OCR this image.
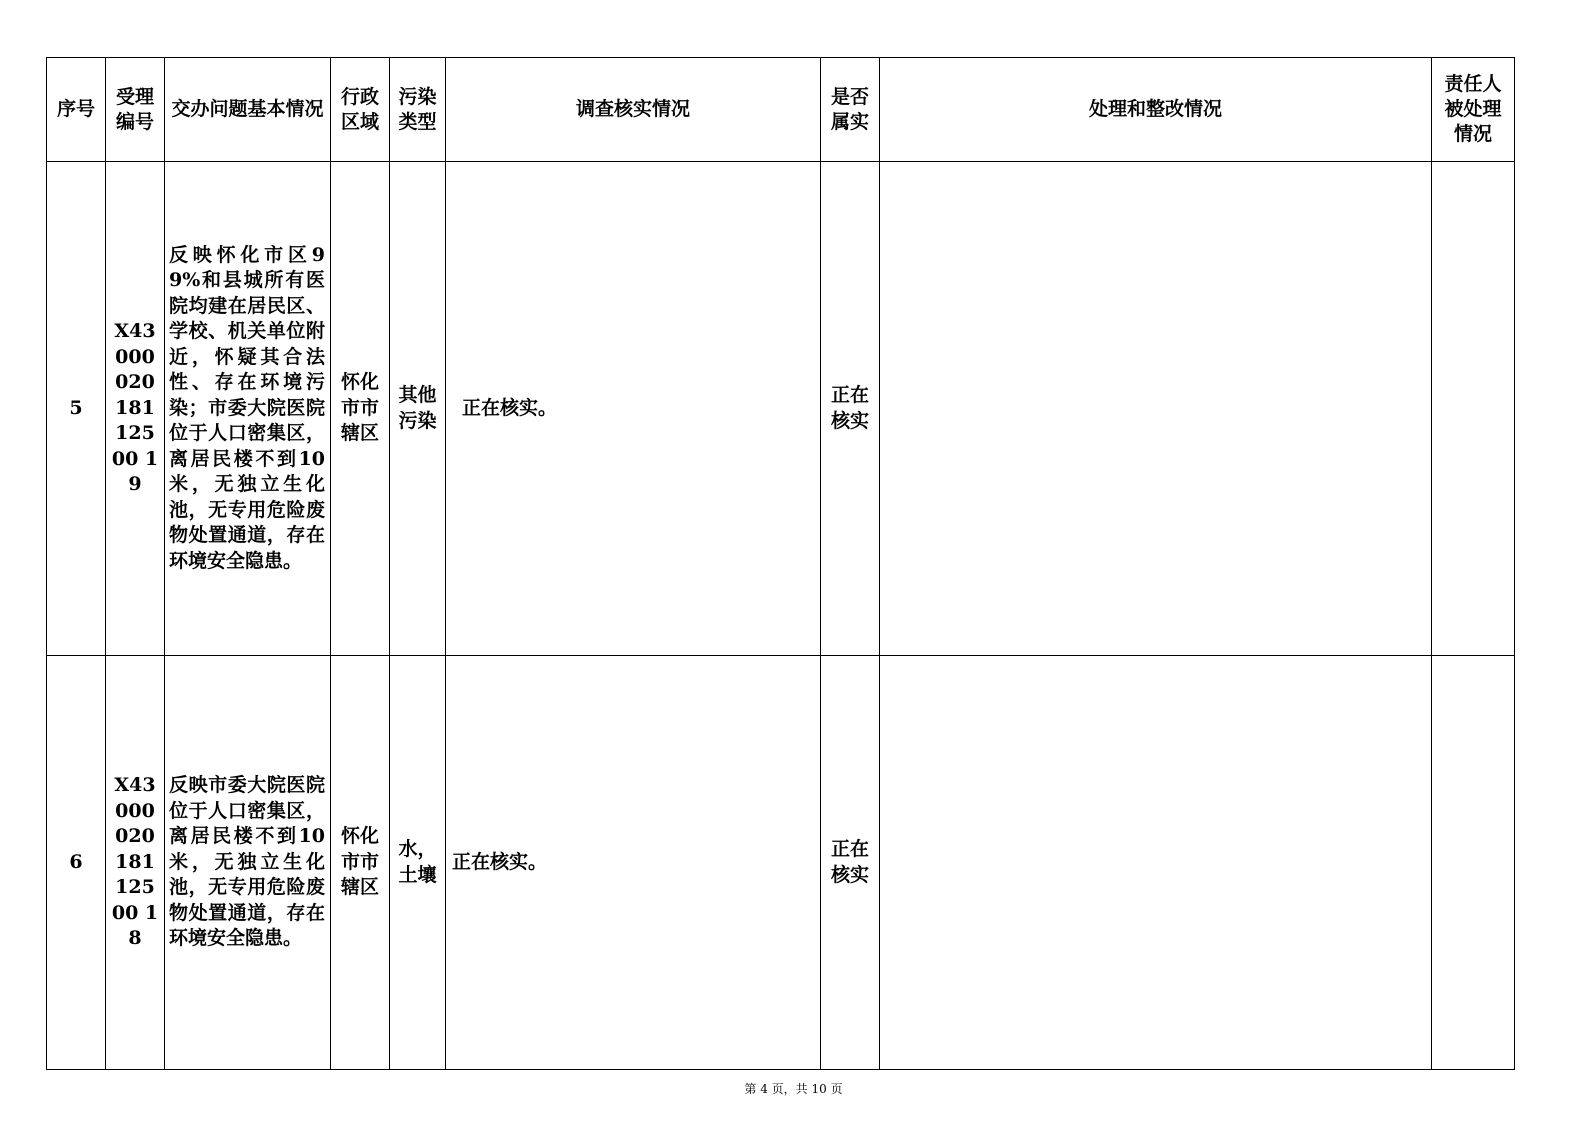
序号	受理编号	交办问题基本情况	行政区域	污染类型	调查核实情况	是否属实	处理和整改情况	责任人被处理情况
5	X4300002018112500 19	反映怀化市区99%和县城所有医院均建在居民区、学校、机关单位附近，怀疑其合法性、存在环境污染；市委大院医院位于人口密集区，离居民楼不到10米，无独立生化池，无专用危险废物处置通道，存在环境安全隐患。	怀化市市辖区	其他污染	正在核实。	正在核实		
6	X4300002018112500 18	反映市委大院医院位于人口密集区，离居民楼不到10米，无独立生化池，无专用危险废物处置通道，存在环境安全隐患。	怀化市市辖区	水，土壤	正在核实。	正在核实		
第 4 页，共 10 页
